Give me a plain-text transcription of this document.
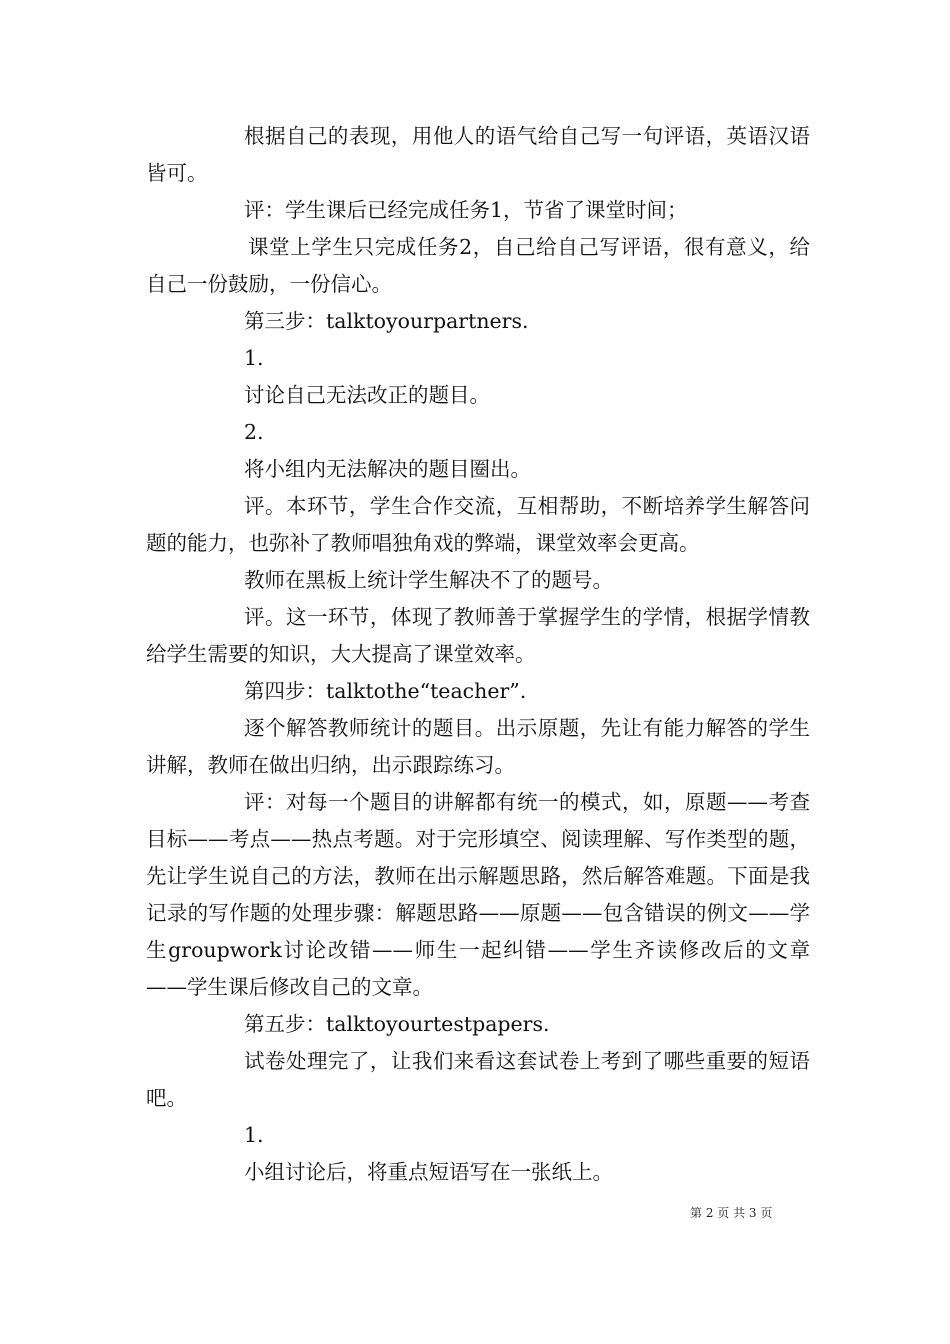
根据自己的表现，用他人的语气给自己写一句评语，英语汉语皆可。

评：学生课后已经完成任务1，节省了课堂时间；

课堂上学生只完成任务2，自己给自己写评语，很有意义，给自己一份鼓励，一份信心。

第三步：talktoyourpartners.

1.

讨论自己无法改正的题目。

2.

将小组内无法解决的题目圈出。

评。本环节，学生合作交流，互相帮助，不断培养学生解答问题的能力，也弥补了教师唱独角戏的弊端，课堂效率会更高。

教师在黑板上统计学生解决不了的题号。

评。这一环节，体现了教师善于掌握学生的学情，根据学情教给学生需要的知识，大大提高了课堂效率。

第四步：talktothe“teacher”.

逐个解答教师统计的题目。出示原题，先让有能力解答的学生讲解，教师在做出归纳，出示跟踪练习。

评：对每一个题目的讲解都有统一的模式，如，原题——考查目标——考点——热点考题。对于完形填空、阅读理解、写作类型的题，先让学生说自己的方法，教师在出示解题思路，然后解答难题。下面是我记录的写作题的处理步骤：解题思路——原题——包含错误的例文——学生groupwork讨论改错——师生一起纠错——学生齐读修改后的文章——学生课后修改自己的文章。

第五步：talktoyourtestpapers.

试卷处理完了，让我们来看这套试卷上考到了哪些重要的短语吧。

1.

小组讨论后，将重点短语写在一张纸上。

第 2 页 共 3 页
